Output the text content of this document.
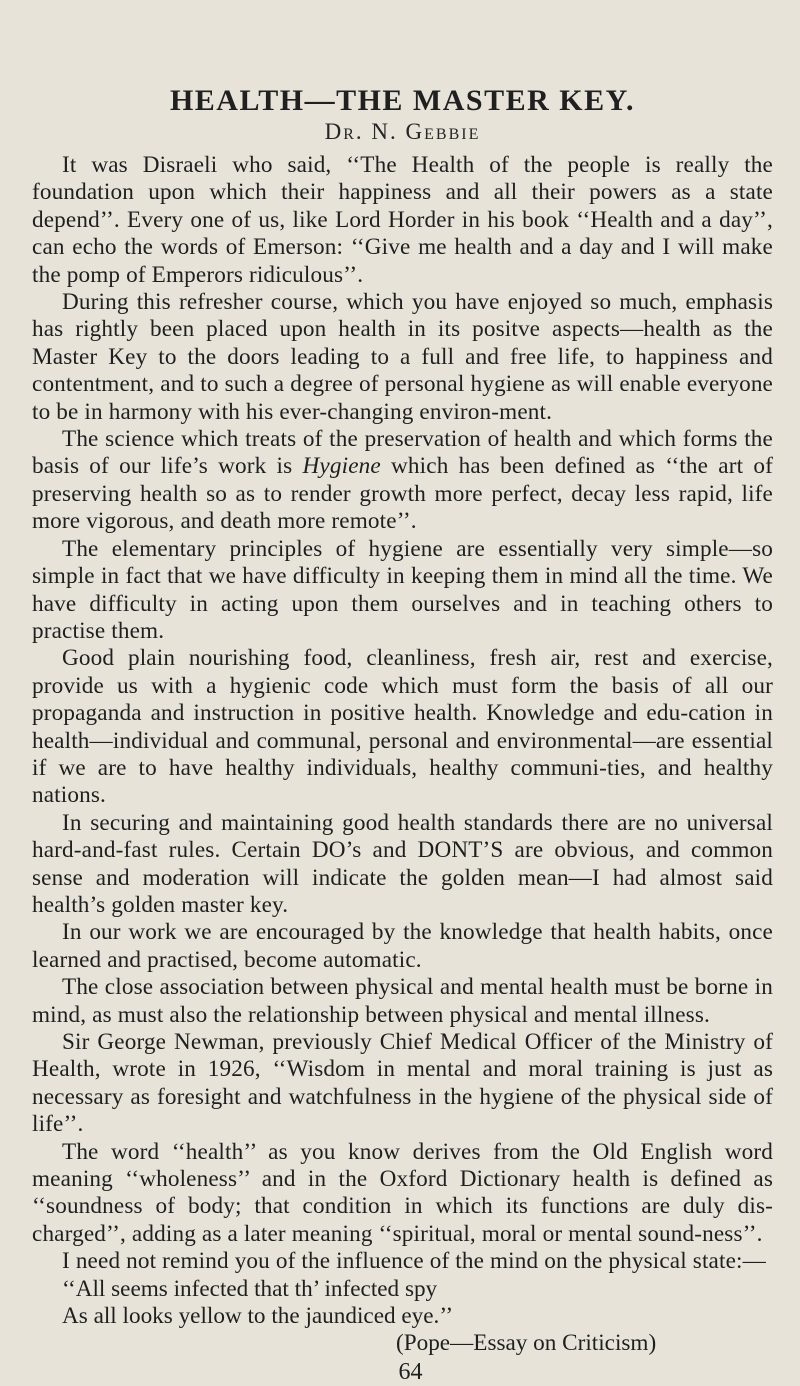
HEALTH—THE MASTER KEY.

Dr. N. Gebbie

It was Disraeli who said, ‘‘The Health of the people is really the foundation upon which their happiness and all their powers as a state depend’’. Every one of us, like Lord Horder in his book ‘‘Health and a day’’, can echo the words of Emerson: ‘‘Give me health and a day and I will make the pomp of Emperors ridiculous’’.

During this refresher course, which you have enjoyed so much, emphasis has rightly been placed upon health in its positve aspects—health as the Master Key to the doors leading to a full and free life, to happiness and contentment, and to such a degree of personal hygiene as will enable everyone to be in harmony with his ever-changing environ-ment.

The science which treats of the preservation of health and which forms the basis of our life’s work is Hygiene which has been defined as ‘‘the art of preserving health so as to render growth more perfect, decay less rapid, life more vigorous, and death more remote’’.

The elementary principles of hygiene are essentially very simple—so simple in fact that we have difficulty in keeping them in mind all the time. We have difficulty in acting upon them ourselves and in teaching others to practise them.

Good plain nourishing food, cleanliness, fresh air, rest and exercise, provide us with a hygienic code which must form the basis of all our propaganda and instruction in positive health. Knowledge and edu-cation in health—individual and communal, personal and environmental—are essential if we are to have healthy individuals, healthy communi-ties, and healthy nations.

In securing and maintaining good health standards there are no universal hard-and-fast rules. Certain DO’s and DONT’S are obvious, and common sense and moderation will indicate the golden mean—I had almost said health’s golden master key.

In our work we are encouraged by the knowledge that health habits, once learned and practised, become automatic.

The close association between physical and mental health must be borne in mind, as must also the relationship between physical and mental illness.

Sir George Newman, previously Chief Medical Officer of the Ministry of Health, wrote in 1926, ‘‘Wisdom in mental and moral training is just as necessary as foresight and watchfulness in the hygiene of the physical side of life’’.

The word ‘‘health’’ as you know derives from the Old English word meaning ‘‘wholeness’’ and in the Oxford Dictionary health is defined as ‘‘soundness of body; that condition in which its functions are duly dis-charged’’, adding as a later meaning ‘‘spiritual, moral or mental sound-ness’’.

I need not remind you of the influence of the mind on the physical state:—

‘‘All seems infected that th’ infected spy

As all looks yellow to the jaundiced eye.’’

(Pope—Essay on Criticism)

64
